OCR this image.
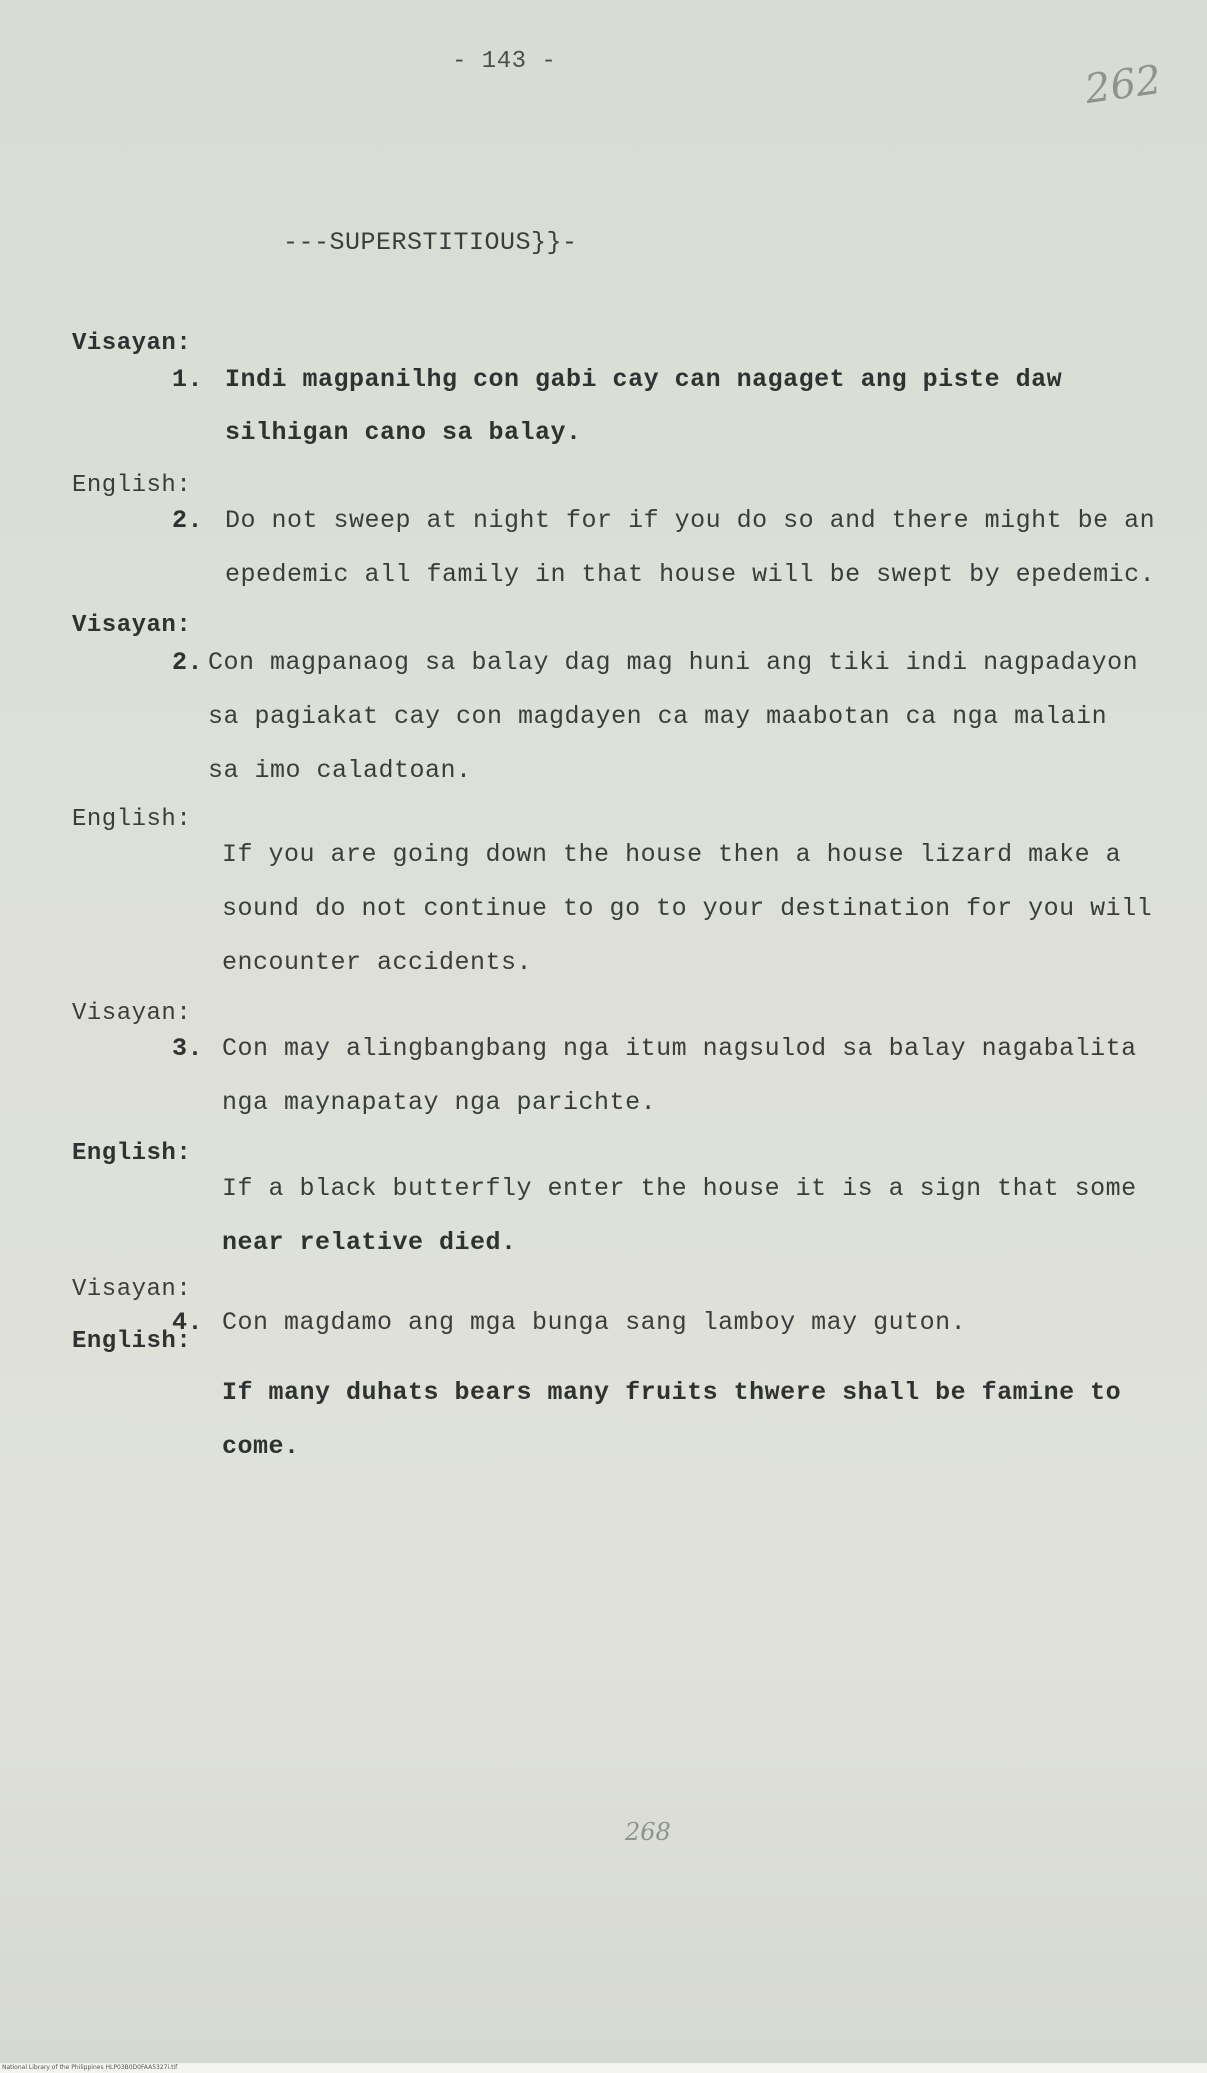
- 143 -	262
---SUPERSTITIOUS}}-
Visayan:
1. Indi magpanilhg con gabi cay can nagaget ang piste daw
silhigan cano sa balay.
English:
2. Do not sweep at night for if you do so and there might be an
epedemic all family in that house will be swept by epedemic.
Visayan:
2. Con magpanaog sa balay dag mag huni ang tiki indi nagpadayon
sa pagiakat cay con magdayen ca may maabotan ca nga malain
sa imo caladtoan.
English:
If you are going down the house then a house lizard make a
sound do not continue to go to your destination for you will
encounter accidents.
Visayan:
3. Con may alingbangbang nga itum nagsulod sa balay nagabalita
nga maynapatay nga parichte.
English:
If a black butterfly enter the house it is a sign that some
near relative died.
Visayan:
4. Con magdamo ang mga bunga sang lamboy may guton.
English:
If many duhats bears many fruits thwere shall be famine to
come.
268
National Library of the Philippines HLP03B0D0FAA5327i.tif
